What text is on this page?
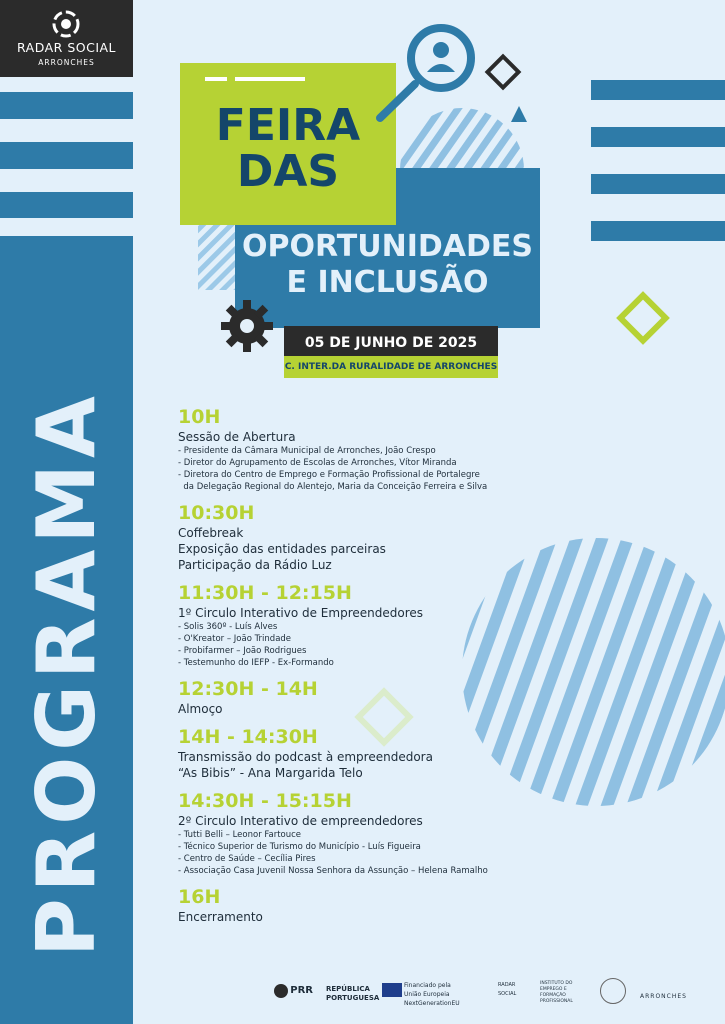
RADAR SOCIAL
ARRONCHES
PROGRAMA
OPORTUNIDADES
E INCLUSÃO
FEIRA
DAS
05 DE JUNHO DE 2025
C. INTER.DA RURALIDADE DE ARRONCHES
10H
Sessão de Abertura
- Presidente da Câmara Municipal de Arronches, João Crespo
- Diretor do Agrupamento de Escolas de Arronches, Vítor Miranda
- Diretora do Centro de Emprego e Formação Profissional de Portalegre
da Delegação Regional do Alentejo, Maria da Conceição Ferreira e Silva
10:30H
Coffebreak
Exposição das entidades parceiras
Participação da Rádio Luz
11:30H - 12:15H
1º Circulo Interativo de Empreendedores
- Solis 360º - Luís Alves
- O'Kreator – João Trindade
- Probifarmer – João Rodrigues
- Testemunho do IEFP - Ex-Formando
12:30H - 14H
Almoço
14H - 14:30H
Transmissão do podcast à empreendedora
“As Bibis” - Ana Margarida Telo
14:30H - 15:15H
2º Circulo Interativo de empreendedores
- Tutti Belli – Leonor Fartouce
- Técnico Superior de Turismo do Município - Luís Figueira
- Centro de Saúde – Cecília Pires
- Associação Casa Juvenil Nossa Senhora da Assunção – Helena Ramalho
16H
Encerramento
PRR REPÚBLICA PORTUGUESA
Financiado pela União Europeia NextGenerationEU
RADAR SOCIAL
INSTITUTO DO EMPREGO E FORMAÇÃO PROFISSIONAL
ARRONCHES
